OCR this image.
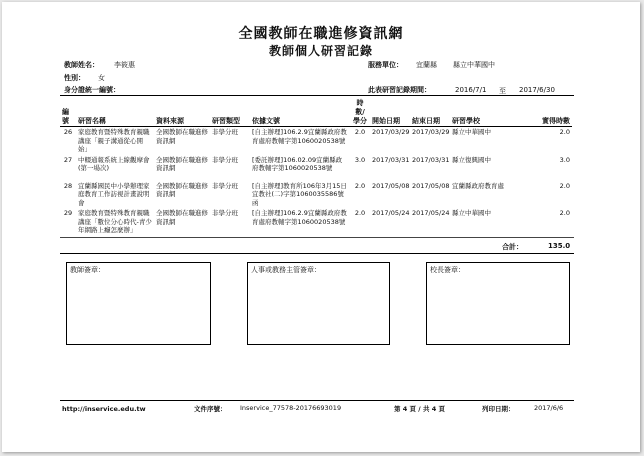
全國教師在職進修資訊網
教師個人研習記錄
教師姓名： 李筱惠	服務單位： 宜蘭縣 縣立中華國中
性別： 女
身分證統一編號：	此表研習記錄期間：	2016/7/1 至 2017/6/30
編號	研習名稱	資料來源	研習類型	依據文號	時數/學分	開始日期	結束日期	研習學校	實得時數
26	家庭教育暨特殊教育親職講座「親子溝通從心開始」	全國教師在職進修資訊網	非學分班	[自主辦理]106.2.9宜蘭縣政府教育處府教輔字第1060020538號	2.0	2017/03/29	2017/03/29	縣立中華國中	2.0
27	中輟通報系統上線觀摩會(第一場次)	全國教師在職進修資訊網	非學分班	[委託辦理]106.02.09宜蘭縣政府教輔字第1060020538號	3.0	2017/03/31	2017/03/31	縣立復興國中	3.0
28	宜蘭縣國民中小學辦理家庭教育工作訪視計畫說明會	全國教師在職進修資訊網	非學分班	[自主辦理]教育所106年3月15日宜教社(二)字第1060035586號函	2.0	2017/05/08	2017/05/08	宜蘭縣政府教育處	2.0
29	家庭教育暨特殊教育親職講座「數位分心時代-青少年網路上癮怎麼辦」	全國教師在職進修資訊網	非學分班	[自主辦理]106.2.9宜蘭縣政府教育處府教輔字第1060020538號	2.0	2017/05/24	2017/05/24	縣立中華國中	2.0
合計：	135.0
教師簽章：	人事或教務主管簽章：	校長簽章：
http://inservice.edu.tw	文件序號： Inservice_77578-20176693019	第 4 頁 / 共 4 頁	列印日期：	2017/6/6
